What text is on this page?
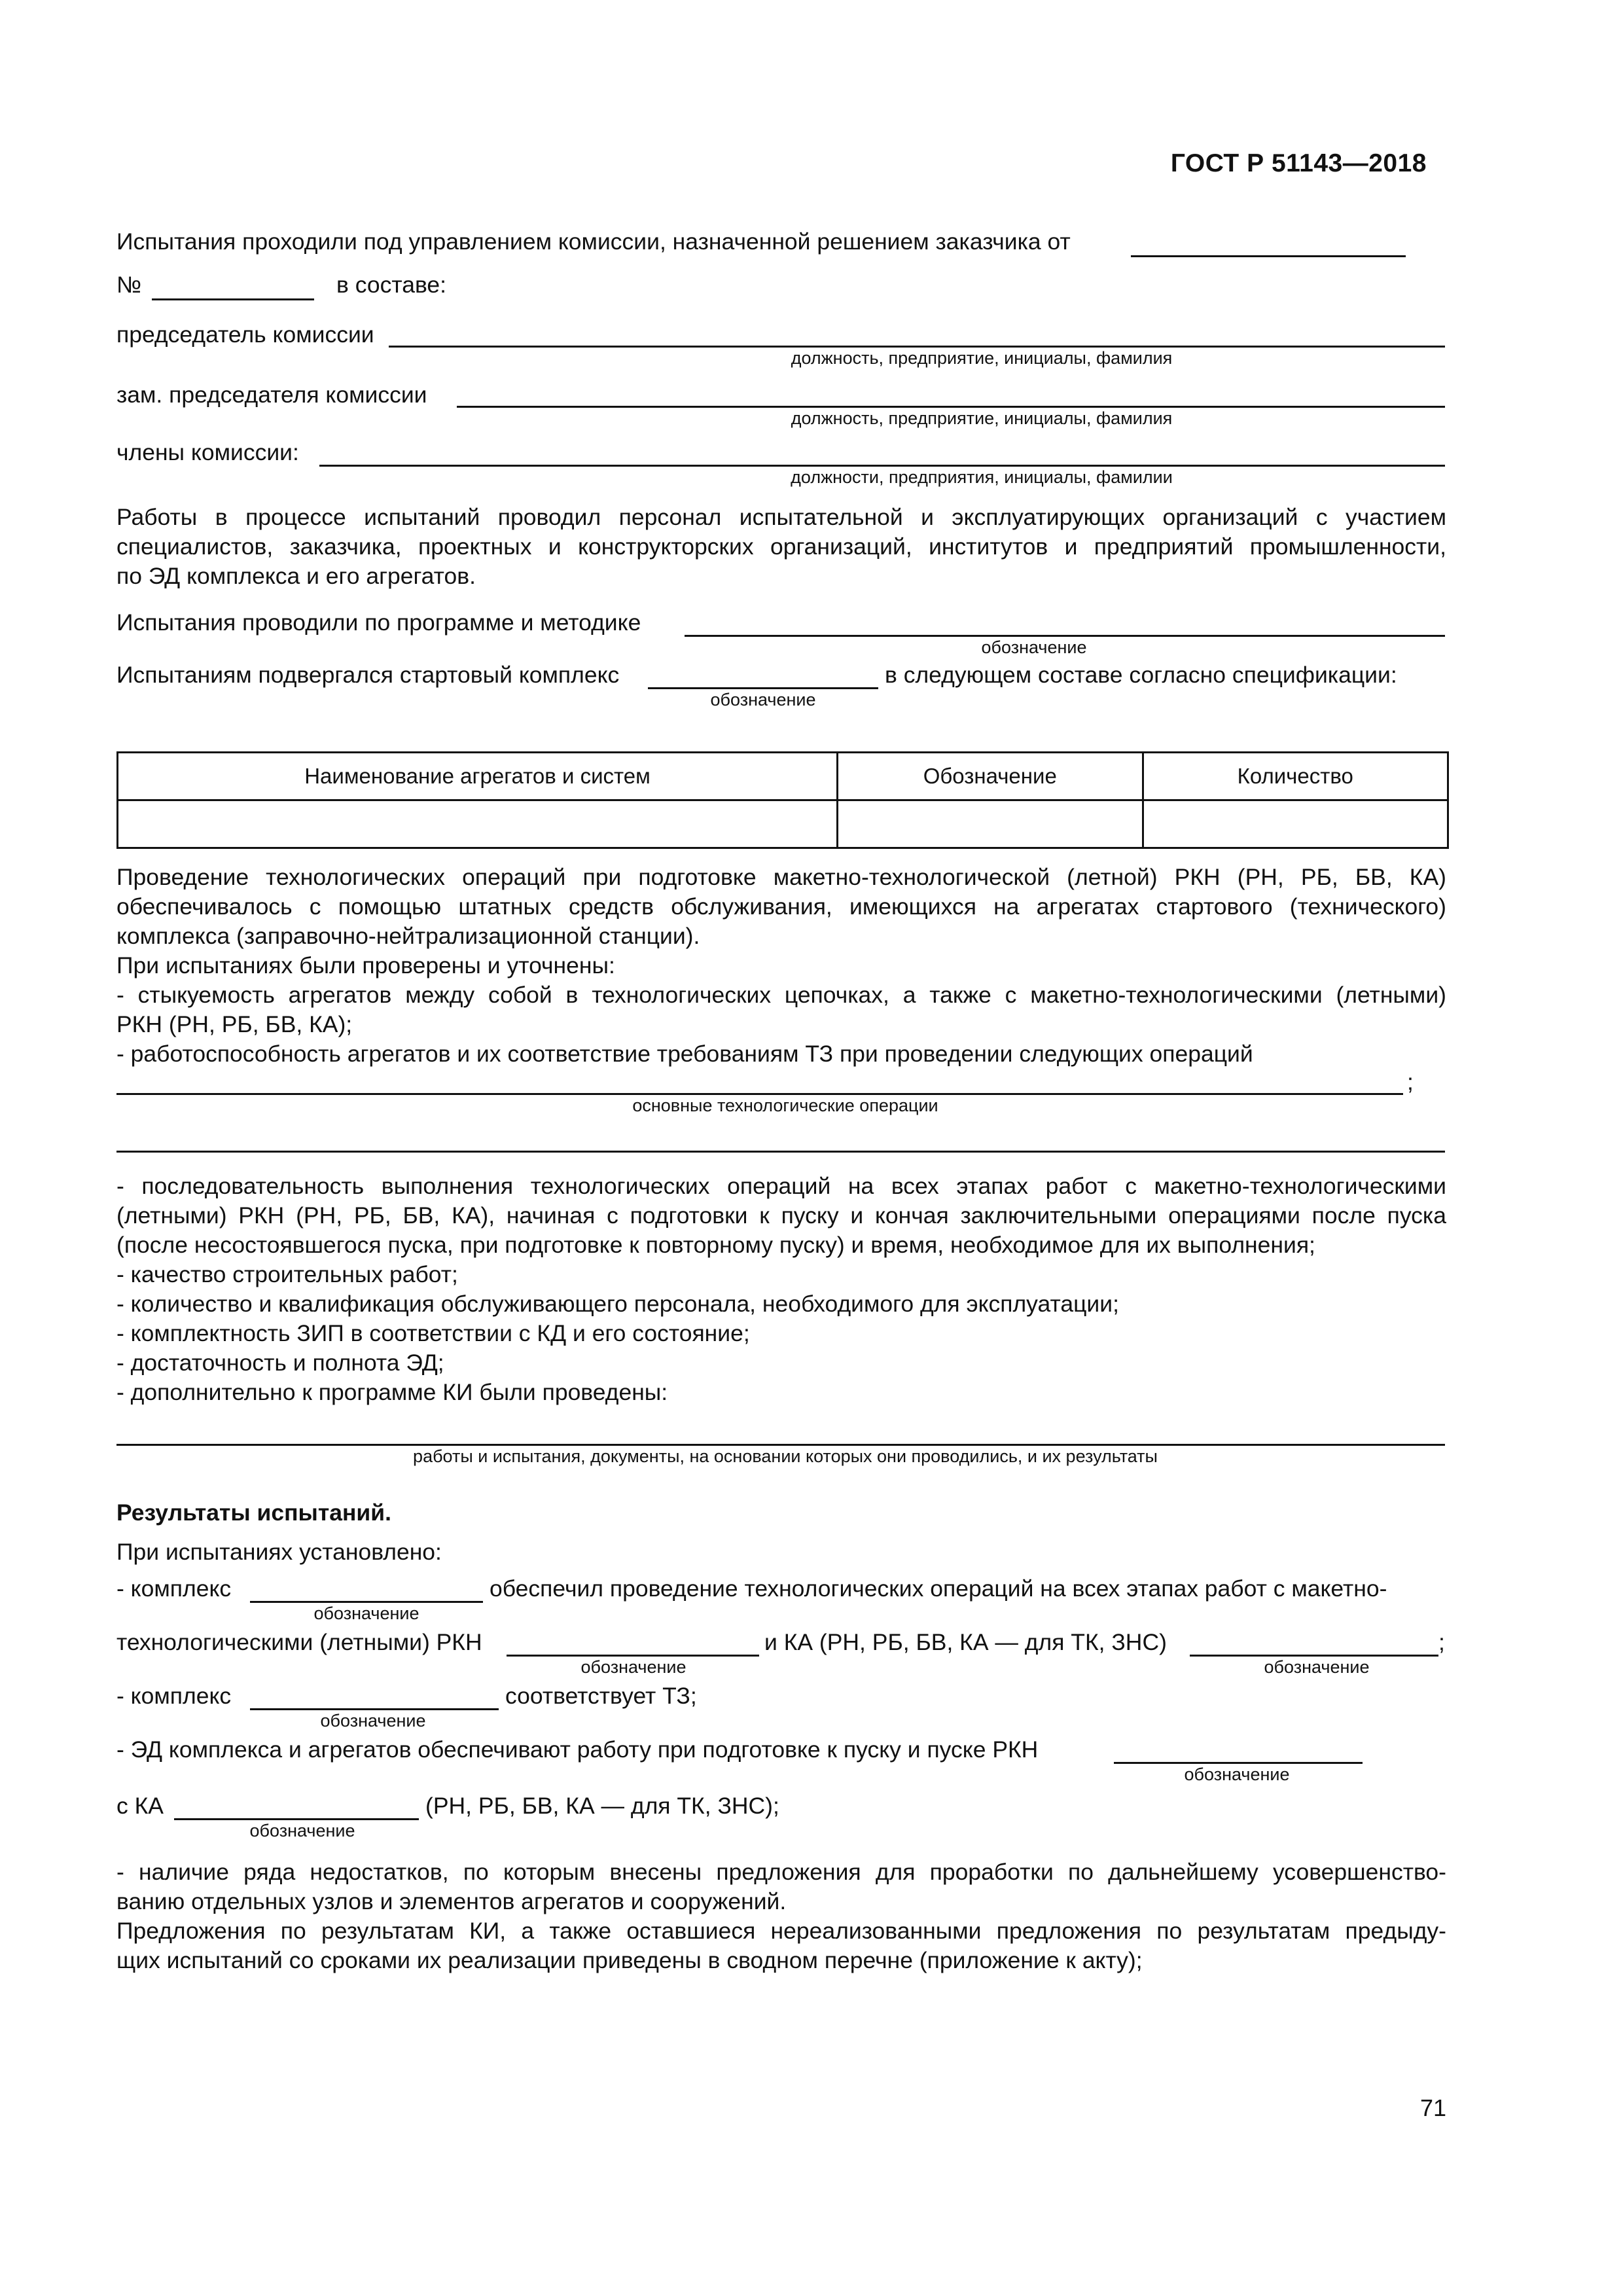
ГОСТ Р 51143—2018
Испытания проходили под управлением комиссии, назначенной решением заказчика от
№	в составе:
председатель комиссии
должность, предприятие, инициалы, фамилия
зам. председателя комиссии
должность, предприятие, инициалы, фамилия
члены комиссии:
должности, предприятия, инициалы, фамилии
Работы в процессе испытаний проводил персонал испытательной и эксплуатирующих организаций с участием
специалистов, заказчика, проектных и конструкторских организаций, институтов и предприятий промышленности,
по ЭД комплекса и его агрегатов.
Испытания проводили по программе и методике
обозначение
Испытаниям подвергался стартовый комплекс	в следующем составе согласно спецификации:
обозначение
Наименование агрегатов и систем	Обозначение	Количество

Проведение технологических операций при подготовке макетно-технологической (летной) РКН (РН, РБ, БВ, КА)
обеспечивалось с помощью штатных средств обслуживания, имеющихся на агрегатах стартового (технического)
комплекса (заправочно-нейтрализационной станции).
При испытаниях были проверены и уточнены:
- стыкуемость агрегатов между собой в технологических цепочках, а также с макетно-технологическими (летными)
РКН (РН, РБ, БВ, КА);
- работоспособность агрегатов и их соответствие требованиям ТЗ при проведении следующих операций
;
основные технологические операции
- последовательность выполнения технологических операций на всех этапах работ с макетно-технологическими
(летными) РКН (РН, РБ, БВ, КА), начиная с подготовки к пуску и кончая заключительными операциями после пуска
(после несостоявшегося пуска, при подготовке к повторному пуску) и время, необходимое для их выполнения;
- качество строительных работ;
- количество и квалификация обслуживающего персонала, необходимого для эксплуатации;
- комплектность ЗИП в соответствии с КД и его состояние;
- достаточность и полнота ЭД;
- дополнительно к программе КИ были проведены:
работы и испытания, документы, на основании которых они проводились, и их результаты
Результаты испытаний.
При испытаниях установлено:
- комплекс	обеспечил проведение технологических операций на всех этапах работ с макетно-
обозначение
технологическими (летными) РКН	и КА (РН, РБ, БВ, КА — для ТК, ЗНС)	;
обозначение	обозначение
- комплекс	соответствует ТЗ;
обозначение
- ЭД комплекса и агрегатов обеспечивают работу при подготовке к пуску и пуске РКН
обозначение
с КА	(РН, РБ, БВ, КА — для ТК, ЗНС);
обозначение
- наличие ряда недостатков, по которым внесены предложения для проработки по дальнейшему усовершенство-
ванию отдельных узлов и элементов агрегатов и сооружений.
Предложения по результатам КИ, а также оставшиеся нереализованными предложения по результатам предыду-
щих испытаний со сроками их реализации приведены в сводном перечне (приложение к акту);
71
